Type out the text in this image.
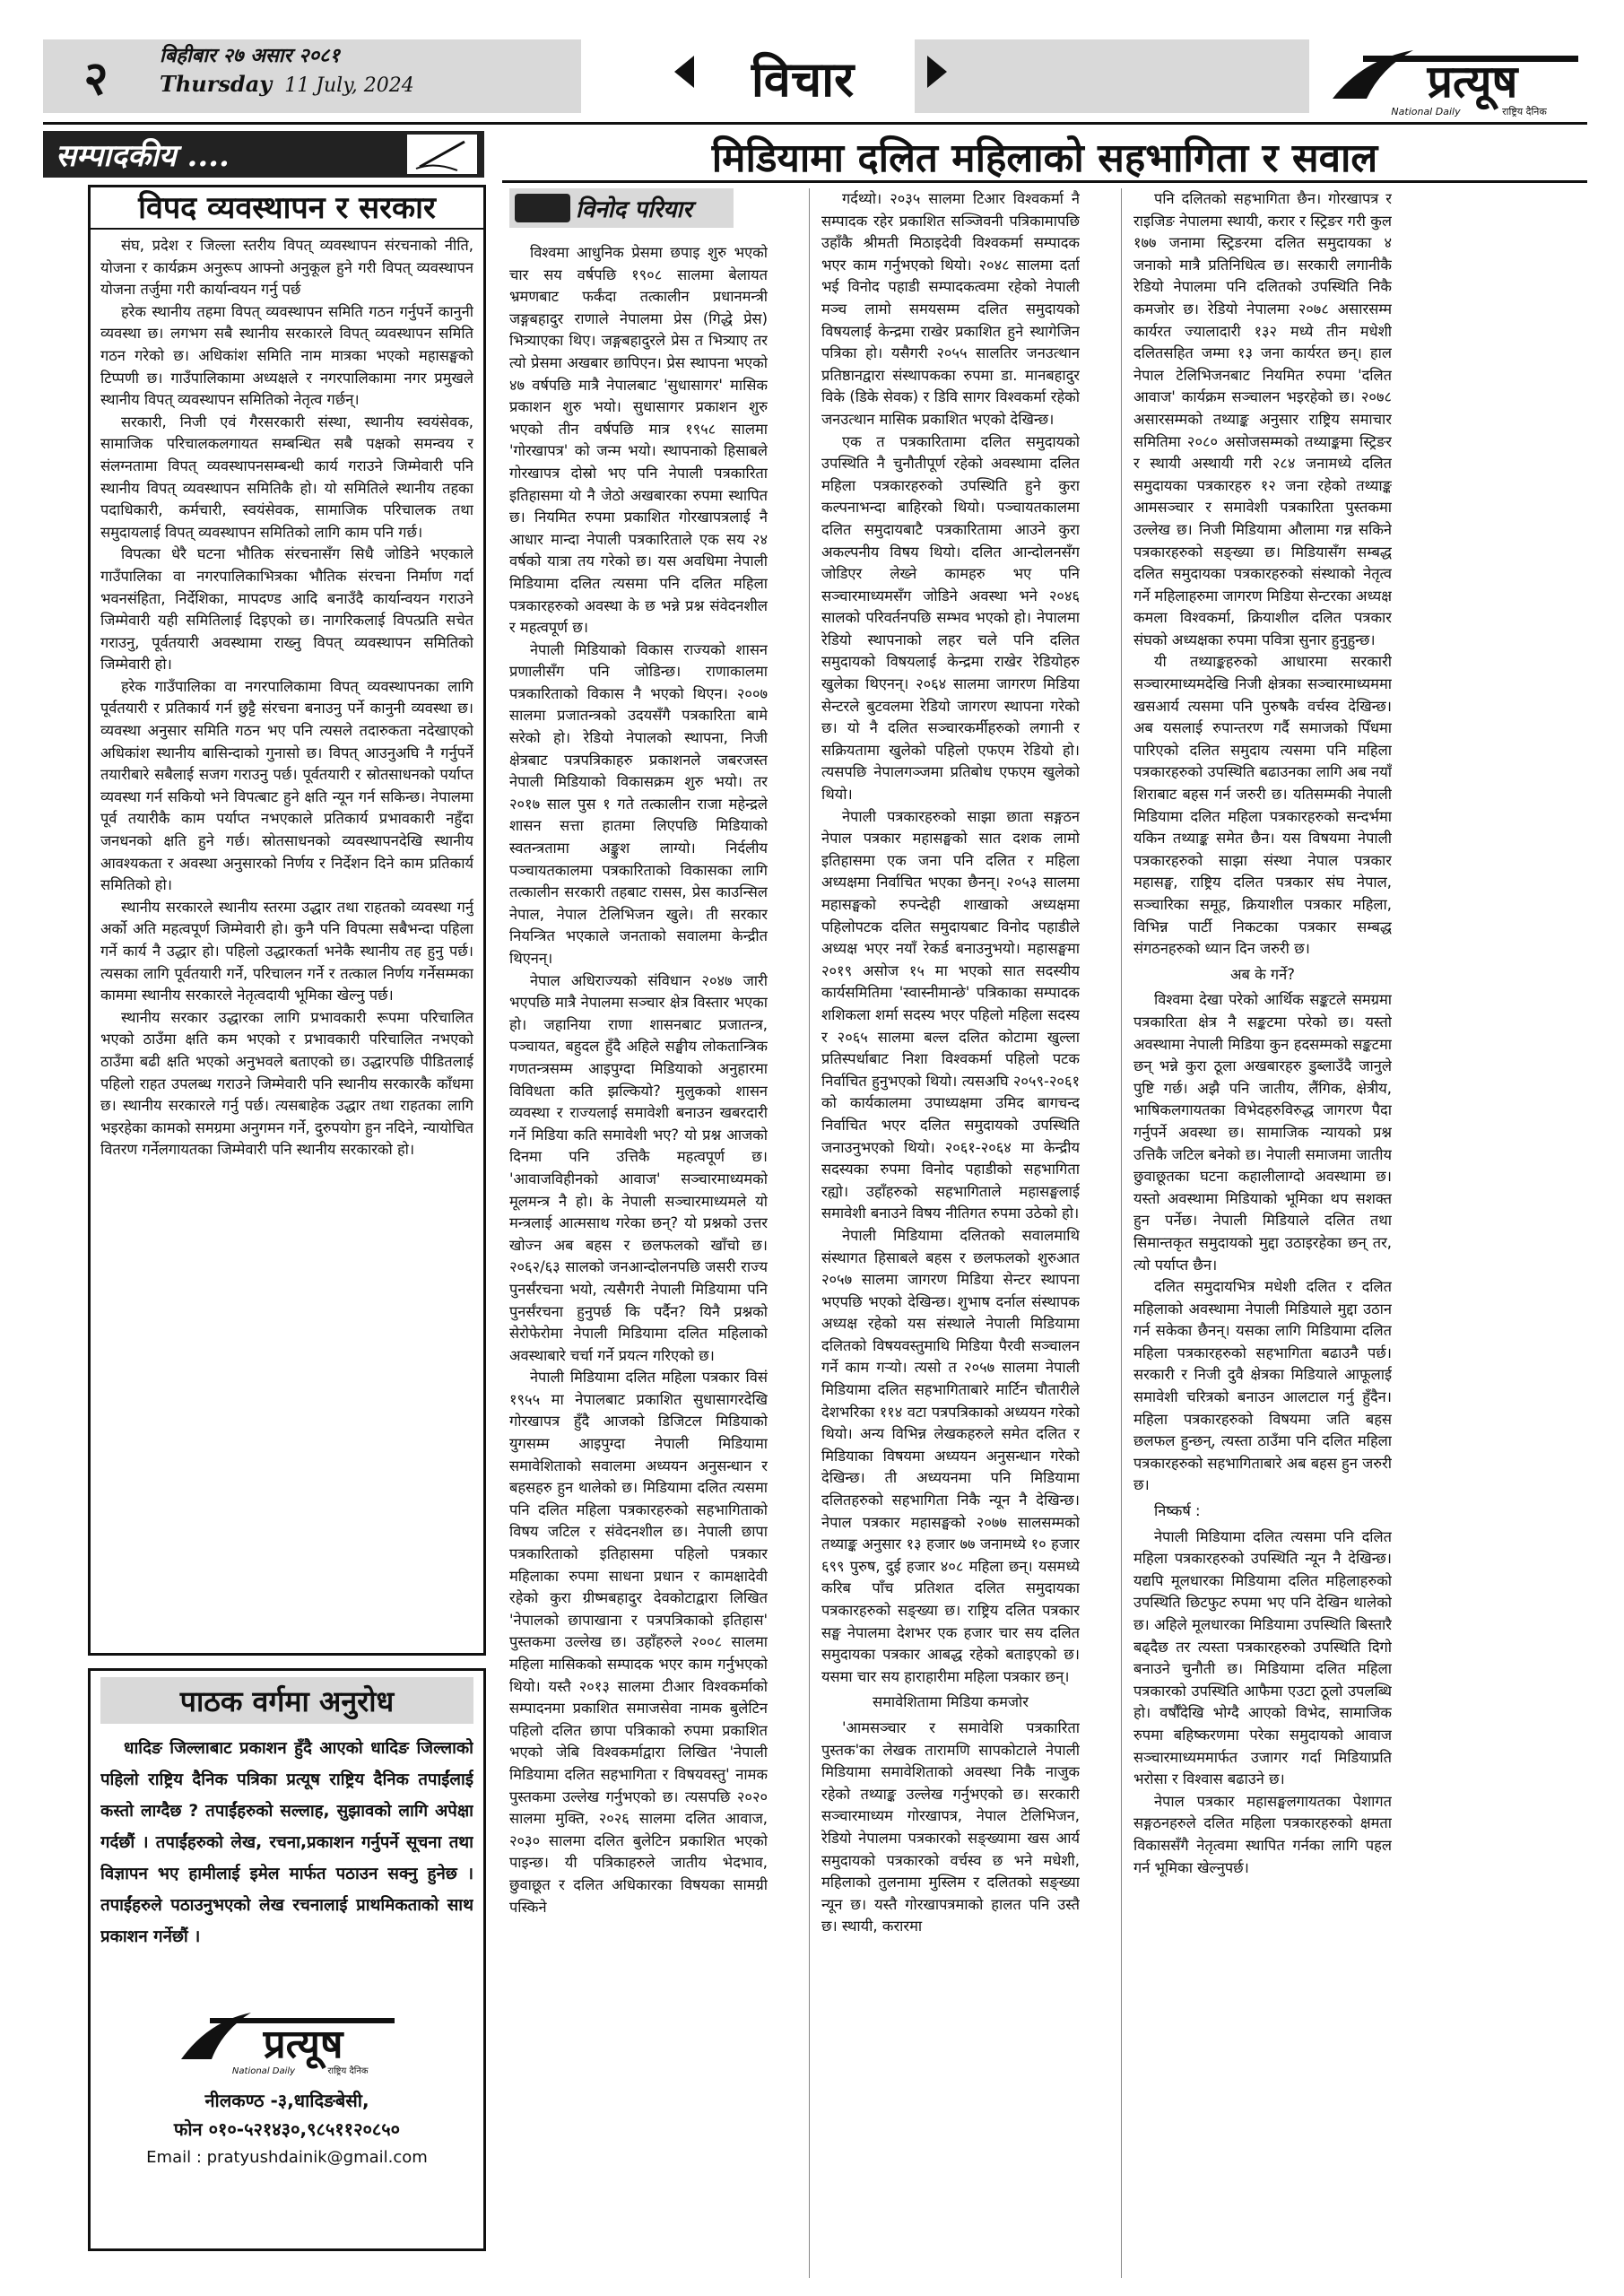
२	बिहीबार २७ असार २०८१
Thursday 11 July, 2024	विचार	प्रत्यूष
National Daily	राष्ट्रिय दैनिक
सम्पादकीय ....	मिडियामा दलित महिलाको सहभागिता र सवाल
विपद व्यवस्थापन र सरकार

संघ, प्रदेश र जिल्ला स्तरीय विपत् व्यवस्थापन संरचनाको नीति, योजना र कार्यक्रम अनुरूप आफ्नो अनुकूल हुने गरी विपत् व्यवस्थापन योजना तर्जुमा गरी कार्यान्वयन गर्नु पर्छ

हरेक स्थानीय तहमा विपत् व्यवस्थापन समिति गठन गर्नुपर्ने कानुनी व्यवस्था छ। लगभग सबै स्थानीय सरकारले विपत् व्यवस्थापन समिति गठन गरेको छ। अधिकांश समिति नाम मात्रका भएको महासङ्घको टिप्पणी छ। गाउँपालिकामा अध्यक्षले र नगरपालिकामा नगर प्रमुखले स्थानीय विपत् व्यवस्थापन समितिको नेतृत्व गर्छन्।

सरकारी, निजी एवं गैरसरकारी संस्था, स्थानीय स्वयंसेवक, सामाजिक परिचालकलगायत सम्बन्धित सबै पक्षको समन्वय र संलग्नतामा विपत् व्यवस्थापनसम्बन्धी कार्य गराउने जिम्मेवारी पनि स्थानीय विपत् व्यवस्थापन समितिकै हो। यो समितिले स्थानीय तहका पदाधिकारी, कर्मचारी, स्वयंसेवक, सामाजिक परिचालक तथा समुदायलाई विपत् व्यवस्थापन समितिको लागि काम पनि गर्छ।

विपत्का धेरै घटना भौतिक संरचनासँग सिधै जोडिने भएकाले गाउँपालिका वा नगरपालिकाभित्रका भौतिक संरचना निर्माण गर्दा भवनसंहिता, निर्देशिका, मापदण्ड आदि बनाउँदै कार्यान्वयन गराउने जिम्मेवारी यही समितिलाई दिइएको छ। नागरिकलाई विपत्प्रति सचेत गराउनु, पूर्वतयारी अवस्थामा राख्नु विपत् व्यवस्थापन समितिको जिम्मेवारी हो।

हरेक गाउँपालिका वा नगरपालिकामा विपत् व्यवस्थापनका लागि पूर्वतयारी र प्रतिकार्य गर्न छुट्टै संरचना बनाउनु पर्ने कानुनी व्यवस्था छ। व्यवस्था अनुसार समिति गठन भए पनि त्यसले तदारुकता नदेखाएको अधिकांश स्थानीय बासिन्दाको गुनासो छ। विपत् आउनुअघि नै गर्नुपर्ने तयारीबारे सबैलाई सजग गराउनु पर्छ। पूर्वतयारी र स्रोतसाधनको पर्याप्त व्यवस्था गर्न सकियो भने विपत्बाट हुने क्षति न्यून गर्न सकिन्छ। नेपालमा पूर्व तयारीकै काम पर्याप्त नभएकाले प्रतिकार्य प्रभावकारी नहुँदा जनधनको क्षति हुने गर्छ। स्रोतसाधनको व्यवस्थापनदेखि स्थानीय आवश्यकता र अवस्था अनुसारको निर्णय र निर्देशन दिने काम प्रतिकार्य समितिको हो।

स्थानीय सरकारले स्थानीय स्तरमा उद्धार तथा राहतको व्यवस्था गर्नु अर्को अति महत्वपूर्ण जिम्मेवारी हो। कुनै पनि विपत्मा सबैभन्दा पहिला गर्ने कार्य नै उद्धार हो। पहिलो उद्धारकर्ता भनेकै स्थानीय तह हुनु पर्छ। त्यसका लागि पूर्वतयारी गर्ने, परिचालन गर्ने र तत्काल निर्णय गर्नेसम्मका काममा स्थानीय सरकारले नेतृत्वदायी भूमिका खेल्नु पर्छ।

स्थानीय सरकार उद्धारका लागि प्रभावकारी रूपमा परिचालित भएको ठाउँमा क्षति कम भएको र प्रभावकारी परिचालित नभएको ठाउँमा बढी क्षति भएको अनुभवले बताएको छ। उद्धारपछि पीडितलाई पहिलो राहत उपलब्ध गराउने जिम्मेवारी पनि स्थानीय सरकारकै काँधमा छ। स्थानीय सरकारले गर्नु पर्छ। त्यसबाहेक उद्धार तथा राहतका लागि भइरहेका कामको समग्रमा अनुगमन गर्ने, दुरुपयोग हुन नदिने, न्यायोचित वितरण गर्नेलगायतका जिम्मेवारी पनि स्थानीय सरकारको हो।

पाठक वर्गमा अनुरोध

धादिङ जिल्लाबाट प्रकाशन हुँदै आएको धादिङ जिल्लाको पहिलो राष्ट्रिय दैनिक पत्रिका प्रत्यूष राष्ट्रिय दैनिक तपाईंलाई कस्तो लाग्दैछ ? तपाईंहरुको सल्लाह, सुझावको लागि अपेक्षा गर्दछौं । तपाईंहरुको लेख, रचना,प्रकाशन गर्नुपर्ने सूचना तथा विज्ञापन भए हामीलाई इमेल मार्फत पठाउन सक्नु हुनेछ । तपाईंहरुले पठाउनुभएको लेख रचनालाई प्राथमिकताको साथ प्रकाशन गर्नेछौं ।

प्रत्यूष
National Daily	राष्ट्रिय दैनिक
नीलकण्ठ -३,धादिङबेसी,
फोन ०१०-५२१४३०,९८५११२०८५०
Email : pratyushdainik@gmail.com
विनोद परियार

विश्वमा आधुनिक प्रेसमा छपाइ शुरु भएको चार सय वर्षपछि १९०८ सालमा बेलायत भ्रमणबाट फर्कंदा तत्कालीन प्रधानमन्त्री जङ्गबहादुर राणाले नेपालमा प्रेस (गिद्धे प्रेस) भित्र्याएका थिए। जङ्गबहादुरले प्रेस त भित्र्याए तर त्यो प्रेसमा अखबार छापिएन। प्रेस स्थापना भएको ४७ वर्षपछि मात्रै नेपालबाट 'सुधासागर' मासिक प्रकाशन शुरु भयो। सुधासागर प्रकाशन शुरु भएको तीन वर्षपछि मात्र १९५८ सालमा 'गोरखापत्र' को जन्म भयो। स्थापनाको हिसाबले गोरखापत्र दोस्रो भए पनि नेपाली पत्रकारिता इतिहासमा यो नै जेठो अखबारका रुपमा स्थापित छ। नियमित रुपमा प्रकाशित गोरखापत्रलाई नै आधार मान्दा नेपाली पत्रकारिताले एक सय २४ वर्षको यात्रा तय गरेको छ। यस अवधिमा नेपाली मिडियामा दलित त्यसमा पनि दलित महिला पत्रकारहरुको अवस्था के छ भन्ने प्रश्न संवेदनशील र महत्वपूर्ण छ।

नेपाली मिडियाको विकास राज्यको शासन प्रणालीसँग पनि जोडिन्छ। राणाकालमा पत्रकारिताको विकास नै भएको थिएन। २००७ सालमा प्रजातन्त्रको उदयसँगै पत्रकारिता बामे सरेको हो। रेडियो नेपालको स्थापना, निजी क्षेत्रबाट पत्रपत्रिकाहरु प्रकाशनले जबरजस्त नेपाली मिडियाको विकासक्रम शुरु भयो। तर २०१७ साल पुस १ गते तत्कालीन राजा महेन्द्रले शासन सत्ता हातमा लिएपछि मिडियाको स्वतन्त्रतामा अङ्कुश लाग्यो। निर्दलीय पञ्चायतकालमा पत्रकारिताको विकासका लागि तत्कालीन सरकारी तहबाट रासस, प्रेस काउन्सिल नेपाल, नेपाल टेलिभिजन खुले। ती सरकार नियन्त्रित भएकाले जनताको सवालमा केन्द्रीत थिएनन्।

नेपाल अधिराज्यको संविधान २०४७ जारी भएपछि मात्रै नेपालमा सञ्चार क्षेत्र विस्तार भएका हो। जहानिया राणा शासनबाट प्रजातन्त्र, पञ्चायत, बहुदल हुँदै अहिले सङ्घीय लोकतान्त्रिक गणतन्त्रसम्म आइपुग्दा मिडियाको अनुहारमा विविधता कति झल्कियो? मुलुकको शासन व्यवस्था र राज्यलाई समावेशी बनाउन खबरदारी गर्ने मिडिया कति समावेशी भए? यो प्रश्न आजको दिनमा पनि उत्तिकै महत्वपूर्ण छ। 'आवाजविहीनको आवाज' सञ्चारमाध्यमको मूलमन्त्र नै हो। के नेपाली सञ्चारमाध्यमले यो मन्त्रलाई आत्मसाथ गरेका छन्? यो प्रश्नको उत्तर खोज्न अब बहस र छलफलको खाँचो छ। २०६२/६३ सालको जनआन्दोलनपछि जसरी राज्य पुनर्संरचना भयो, त्यसैगरी नेपाली मिडियामा पनि पुनर्संरचना हुनुपर्छ कि पर्दैन? यिनै प्रश्नको सेरोफेरोमा नेपाली मिडियामा दलित महिलाको अवस्थाबारे चर्चा गर्ने प्रयत्न गरिएको छ।

नेपाली मिडियामा दलित महिला पत्रकार विसं १९५५ मा नेपालबाट प्रकाशित सुधासागरदेखि गोरखापत्र हुँदै आजको डिजिटल मिडियाको युगसम्म आइपुग्दा नेपाली मिडियामा समावेशिताको सवालमा अध्ययन अनुसन्धान र बहसहरु हुन थालेको छ। मिडियामा दलित त्यसमा पनि दलित महिला पत्रकारहरुको सहभागिताको विषय जटिल र संवेदनशील छ। नेपाली छापा पत्रकारिताको इतिहासमा पहिलो पत्रकार महिलाका रुपमा साधना प्रधान र कामक्षादेवी रहेको कुरा ग्रीष्मबहादुर देवकोटाद्वारा लिखित 'नेपालको छापाखाना र पत्रपत्रिकाको इतिहास' पुस्तकमा उल्लेख छ। उहाँहरुले २००८ सालमा महिला मासिकको सम्पादक भएर काम गर्नुभएको थियो। यस्तै २०१३ सालमा टीआर विश्वकर्माको सम्पादनमा प्रकाशित समाजसेवा नामक बुलेटिन पहिलो दलित छापा पत्रिकाको रुपमा प्रकाशित भएको जेबि विश्वकर्माद्वारा लिखित 'नेपाली मिडियामा दलित सहभागिता र विषयवस्तु' नामक पुस्तकमा उल्लेख गर्नुभएको छ। त्यसपछि २०२० सालमा मुक्ति, २०२६ सालमा दलित आवाज, २०३० सालमा दलित बुलेटिन प्रकाशित भएको पाइन्छ। यी पत्रिकाहरुले जातीय भेदभाव, छुवाछूत र दलित अधिकारका विषयका सामग्री पस्किने

गर्दथ्यो। २०३५ सालमा टिआर विश्वकर्मा नै सम्पादक रहेर प्रकाशित सञ्जिवनी पत्रिकामापछि उहाँकै श्रीमती मिठाइदेवी विश्वकर्मा सम्पादक भएर काम गर्नुभएको थियो। २०४८ सालमा दर्ता भई विनोद पहाडी सम्पादकत्वमा रहेको नेपाली मञ्च लामो समयसम्म दलित समुदायको विषयलाई केन्द्रमा राखेर प्रकाशित हुने स्थागेजिन पत्रिका हो। यसैगरी २०५५ सालतिर जनउत्थान प्रतिष्ठानद्वारा संस्थापकका रुपमा डा. मानबहादुर विके (डिके सेवक) र डिवि सागर विश्वकर्मा रहेको जनउत्थान मासिक प्रकाशित भएको देखिन्छ।

एक त पत्रकारितामा दलित समुदायको उपस्थिति नै चुनौतीपूर्ण रहेको अवस्थामा दलित महिला पत्रकारहरुको उपस्थिति हुने कुरा कल्पनाभन्दा बाहिरको थियो। पञ्चायतकालमा दलित समुदायबाटै पत्रकारितामा आउने कुरा अकल्पनीय विषय थियो। दलित आन्दोलनसँग जोडिएर लेख्ने कामहरु भए पनि सञ्चारमाध्यमसँग जोडिने अवस्था भने २०४६ सालको परिवर्तनपछि सम्भव भएको हो। नेपालमा रेडियो स्थापनाको लहर चले पनि दलित समुदायको विषयलाई केन्द्रमा राखेर रेडियोहरु खुलेका थिएनन्। २०६४ सालमा जागरण मिडिया सेन्टरले बुटवलमा रेडियो जागरण स्थापना गरेको छ। यो नै दलित सञ्चारकर्मीहरुको लगानी र सक्रियतामा खुलेको पहिलो एफएम रेडियो हो। त्यसपछि नेपालगञ्जमा प्रतिबोध एफएम खुलेको थियो।

नेपाली पत्रकारहरुको साझा छाता सङ्गठन नेपाल पत्रकार महासङ्घको सात दशक लामो इतिहासमा एक जना पनि दलित र महिला अध्यक्षमा निर्वाचित भएका छैनन्। २०५३ सालमा महासङ्घको रुपन्देही शाखाको अध्यक्षमा पहिलोपटक दलित समुदायबाट विनोद पहाडीले अध्यक्ष भएर नयाँ रेकर्ड बनाउनुभयो। महासङ्घमा २०१९ असोज १५ मा भएको सात सदस्यीय कार्यसमितिमा 'स्वास्नीमान्छे' पत्रिकाका सम्पादक शशिकला शर्मा सदस्य भएर पहिलो महिला सदस्य र २०६५ सालमा बल्ल दलित कोटामा खुल्ला प्रतिस्पर्धाबाट निशा विश्वकर्मा पहिलो पटक निर्वाचित हुनुभएको थियो। त्यसअघि २०५९-२०६१ को कार्यकालमा उपाध्यक्षमा उमिद बागचन्द निर्वाचित भएर दलित समुदायको उपस्थिति जनाउनुभएको थियो। २०६१-२०६४ मा केन्द्रीय सदस्यका रुपमा विनोद पहाडीको सहभागिता रह्यो। उहाँहरुको सहभागिताले महासङ्घलाई समावेशी बनाउने विषय नीतिगत रुपमा उठेको हो।

नेपाली मिडियामा दलितको सवालमाथि संस्थागत हिसाबले बहस र छलफलको शुरुआत २०५७ सालमा जागरण मिडिया सेन्टर स्थापना भएपछि भएको देखिन्छ। शुभाष दर्नाल संस्थापक अध्यक्ष रहेको यस संस्थाले नेपाली मिडियामा दलितको विषयवस्तुमाथि मिडिया पैरवी सञ्चालन गर्ने काम गऱ्यो। त्यसो त २०५७ सालमा नेपाली मिडियामा दलित सहभागिताबारे मार्टिन चौतारीले देशभरिका ११४ वटा पत्रपत्रिकाको अध्ययन गरेको थियो। अन्य विभिन्न लेखकहरुले समेत दलित र मिडियाका विषयमा अध्ययन अनुसन्धान गरेको देखिन्छ। ती अध्ययनमा पनि मिडियामा दलितहरुको सहभागिता निकै न्यून नै देखिन्छ। नेपाल पत्रकार महासङ्घको २०७७ सालसम्मको तथ्याङ्क अनुसार १३ हजार ७७ जनामध्ये १० हजार ६९९ पुरुष, दुई हजार ४०८ महिला छन्। यसमध्ये करिब पाँच प्रतिशत दलित समुदायका पत्रकारहरुको सङ्ख्या छ। राष्ट्रिय दलित पत्रकार सङ्घ नेपालमा देशभर एक हजार चार सय दलित समुदायका पत्रकार आबद्ध रहेको बताइएको छ। यसमा चार सय हाराहारीमा महिला पत्रकार छन्।

समावेशितामा मिडिया कमजोर

'आमसञ्चार र समावेशि पत्रकारिता पुस्तक'का लेखक तारामणि सापकोटाले नेपाली मिडियामा समावेशिताको अवस्था निकै नाजुक रहेको तथ्याङ्क उल्लेख गर्नुभएको छ। सरकारी सञ्चारमाध्यम गोरखापत्र, नेपाल टेलिभिजन, रेडियो नेपालमा पत्रकारको सङ्ख्यामा खस आर्य समुदायको पत्रकारको वर्चस्व छ भने मधेशी, महिलाको तुलनामा मुस्लिम र दलितको सङ्ख्या न्यून छ। यस्तै गोरखापत्रमाको हालत पनि उस्तै छ। स्थायी, करारमा

पनि दलितको सहभागिता छैन। गोरखापत्र र राइजिङ नेपालमा स्थायी, करार र स्ट्रिङर गरी कुल १७७ जनामा स्ट्रिङरमा दलित समुदायका ४ जनाको मात्रै प्रतिनिधित्व छ। सरकारी लगानीकै रेडियो नेपालमा पनि दलितको उपस्थिति निकै कमजोर छ। रेडियो नेपालमा २०७८ असारसम्म कार्यरत ज्यालादारी १३२ मध्ये तीन मधेशी दलितसहित जम्मा १३ जना कार्यरत छन्। हाल नेपाल टेलिभिजनबाट नियमित रुपमा 'दलित आवाज' कार्यक्रम सञ्चालन भइरहेको छ। २०७८ असारसम्मको तथ्याङ्क अनुसार राष्ट्रिय समाचार समितिमा २०८० असोजसम्मको तथ्याङ्कमा स्ट्रिङर र स्थायी अस्थायी गरी २८४ जनामध्ये दलित समुदायका पत्रकारहरु १२ जना रहेको तथ्याङ्क आमसञ्चार र समावेशी पत्रकारिता पुस्तकमा उल्लेख छ। निजी मिडियामा औलामा गन्न सकिने पत्रकारहरुको सङ्ख्या छ। मिडियासँग सम्बद्ध दलित समुदायका पत्रकारहरुको संस्थाको नेतृत्व गर्ने महिलाहरुमा जागरण मिडिया सेन्टरका अध्यक्ष कमला विश्वकर्मा, क्रियाशील दलित पत्रकार संघको अध्यक्षका रुपमा पवित्रा सुनार हुनुहुन्छ।

यी तथ्याङ्कहरुको आधारमा सरकारी सञ्चारमाध्यमदेखि निजी क्षेत्रका सञ्चारमाध्यममा खसआर्य त्यसमा पनि पुरुषकै वर्चस्व देखिन्छ। अब यसलाई रुपान्तरण गर्दै समाजको पिँधमा पारिएको दलित समुदाय त्यसमा पनि महिला पत्रकारहरुको उपस्थिति बढाउनका लागि अब नयाँ शिराबाट बहस गर्न जरुरी छ। यतिसम्मकी नेपाली मिडियामा दलित महिला पत्रकारहरुको सन्दर्भमा यकिन तथ्याङ्क समेत छैन। यस विषयमा नेपाली पत्रकारहरुको साझा संस्था नेपाल पत्रकार महासङ्घ, राष्ट्रिय दलित पत्रकार संघ नेपाल, सञ्चारिका समूह, क्रियाशील पत्रकार महिला, विभिन्न पार्टी निकटका पत्रकार सम्बद्ध संगठनहरुको ध्यान दिन जरुरी छ।

अब के गर्ने?

विश्वमा देखा परेको आर्थिक सङ्कटले समग्रमा पत्रकारिता क्षेत्र नै सङ्कटमा परेको छ। यस्तो अवस्थामा नेपाली मिडिया कुन हदसम्मको सङ्कटमा छन् भन्ने कुरा ठूला अखबारहरु डुब्लाउँदै जानुले पुष्टि गर्छ। अझै पनि जातीय, लैंगिक, क्षेत्रीय, भाषिकलगायतका विभेदहरुविरुद्ध जागरण पैदा गर्नुपर्ने अवस्था छ। सामाजिक न्यायको प्रश्न उत्तिकै जटिल बनेको छ। नेपाली समाजमा जातीय छुवाछूतका घटना कहालीलाग्दो अवस्थामा छ। यस्तो अवस्थामा मिडियाको भूमिका थप सशक्त हुन पर्नेछ। नेपाली मिडियाले दलित तथा सिमान्तकृत समुदायको मुद्दा उठाइरहेका छन् तर, त्यो पर्याप्त छैन।

दलित समुदायभित्र मधेशी दलित र दलित महिलाको अवस्थामा नेपाली मिडियाले मुद्दा उठान गर्न सकेका छैनन्। यसका लागि मिडियामा दलित महिला पत्रकारहरुको सहभागिता बढाउनै पर्छ। सरकारी र निजी दुवै क्षेत्रका मिडियाले आफूलाई समावेशी चरित्रको बनाउन आलटाल गर्नु हुँदैन। महिला पत्रकारहरुको विषयमा जति बहस छलफल हुन्छन्, त्यस्ता ठाउँमा पनि दलित महिला पत्रकारहरुको सहभागिताबारे अब बहस हुन जरुरी छ।

निष्कर्ष :

नेपाली मिडियामा दलित त्यसमा पनि दलित महिला पत्रकारहरुको उपस्थिति न्यून नै देखिन्छ। यद्यपि मूलधारका मिडियामा दलित महिलाहरुको उपस्थिति छिटफुट रुपमा भए पनि देखिन थालेको छ। अहिले मूलधारका मिडियामा उपस्थिति बिस्तारै बढ्दैछ तर त्यस्ता पत्रकारहरुको उपस्थिति दिगो बनाउने चुनौती छ। मिडियामा दलित महिला पत्रकारको उपस्थिति आफैमा एउटा ठूलो उपलब्धि हो। वर्षौँदेखि भोग्दै आएको विभेद, सामाजिक रुपमा बहिष्करणमा परेका समुदायको आवाज सञ्चारमाध्यममार्फत उजागर गर्दा मिडियाप्रति भरोसा र विश्वास बढाउने छ।

नेपाल पत्रकार महासङ्घलगायतका पेशागत सङ्गठनहरुले दलित महिला पत्रकारहरुको क्षमता विकाससँगै नेतृत्वमा स्थापित गर्नका लागि पहल गर्न भूमिका खेल्नुपर्छ।
